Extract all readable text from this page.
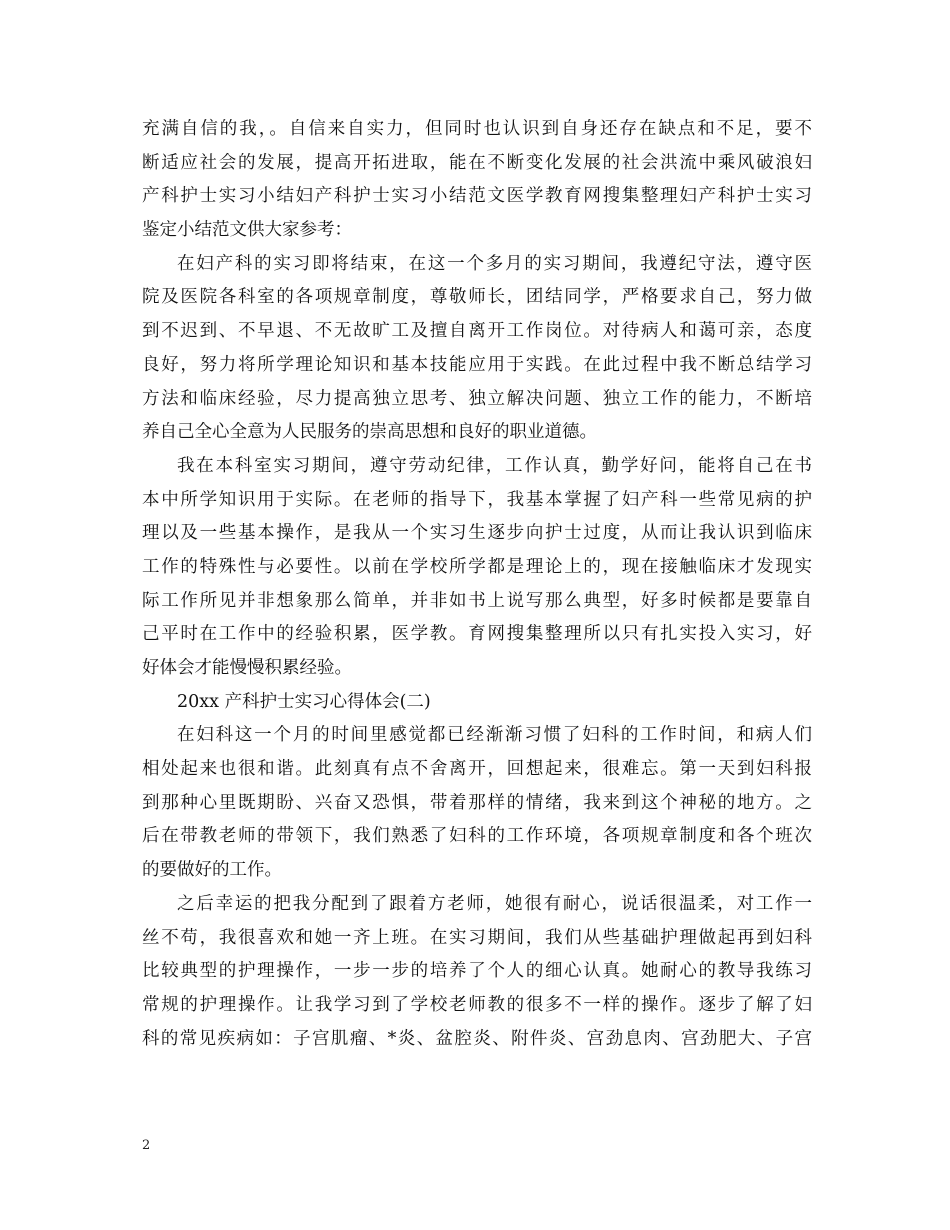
充满自信的我，。自信来自实力，但同时也认识到自身还存在缺点和不足，要不
断适应社会的发展，提高开拓进取，能在不断变化发展的社会洪流中乘风破浪妇
产科护士实习小结妇产科护士实习小结范文医学教育网搜集整理妇产科护士实习
鉴定小结范文供大家参考：
在妇产科的实习即将结束，在这一个多月的实习期间，我遵纪守法，遵守医
院及医院各科室的各项规章制度，尊敬师长，团结同学，严格要求自己，努力做
到不迟到、不早退、不无故旷工及擅自离开工作岗位。对待病人和蔼可亲，态度
良好，努力将所学理论知识和基本技能应用于实践。在此过程中我不断总结学习
方法和临床经验，尽力提高独立思考、独立解决问题、独立工作的能力，不断培
养自己全心全意为人民服务的崇高思想和良好的职业道德。
我在本科室实习期间，遵守劳动纪律，工作认真，勤学好问，能将自己在书
本中所学知识用于实际。在老师的指导下，我基本掌握了妇产科一些常见病的护
理以及一些基本操作，是我从一个实习生逐步向护士过度，从而让我认识到临床
工作的特殊性与必要性。以前在学校所学都是理论上的，现在接触临床才发现实
际工作所见并非想象那么简单，并非如书上说写那么典型，好多时候都是要靠自
己平时在工作中的经验积累，医学教。育网搜集整理所以只有扎实投入实习，好
好体会才能慢慢积累经验。
20xx 产科护士实习心得体会(二)
在妇科这一个月的时间里感觉都已经渐渐习惯了妇科的工作时间，和病人们
相处起来也很和谐。此刻真有点不舍离开，回想起来，很难忘。第一天到妇科报
到那种心里既期盼、兴奋又恐惧，带着那样的情绪，我来到这个神秘的地方。之
后在带教老师的带领下，我们熟悉了妇科的工作环境，各项规章制度和各个班次
的要做好的工作。
之后幸运的把我分配到了跟着方老师，她很有耐心，说话很温柔，对工作一
丝不苟，我很喜欢和她一齐上班。在实习期间，我们从些基础护理做起再到妇科
比较典型的护理操作，一步一步的培养了个人的细心认真。她耐心的教导我练习
常规的护理操作。让我学习到了学校老师教的很多不一样的操作。逐步了解了妇
科的常见疾病如：子宫肌瘤、*炎、盆腔炎、附件炎、宫劲息肉、宫劲肥大、子宫
2
